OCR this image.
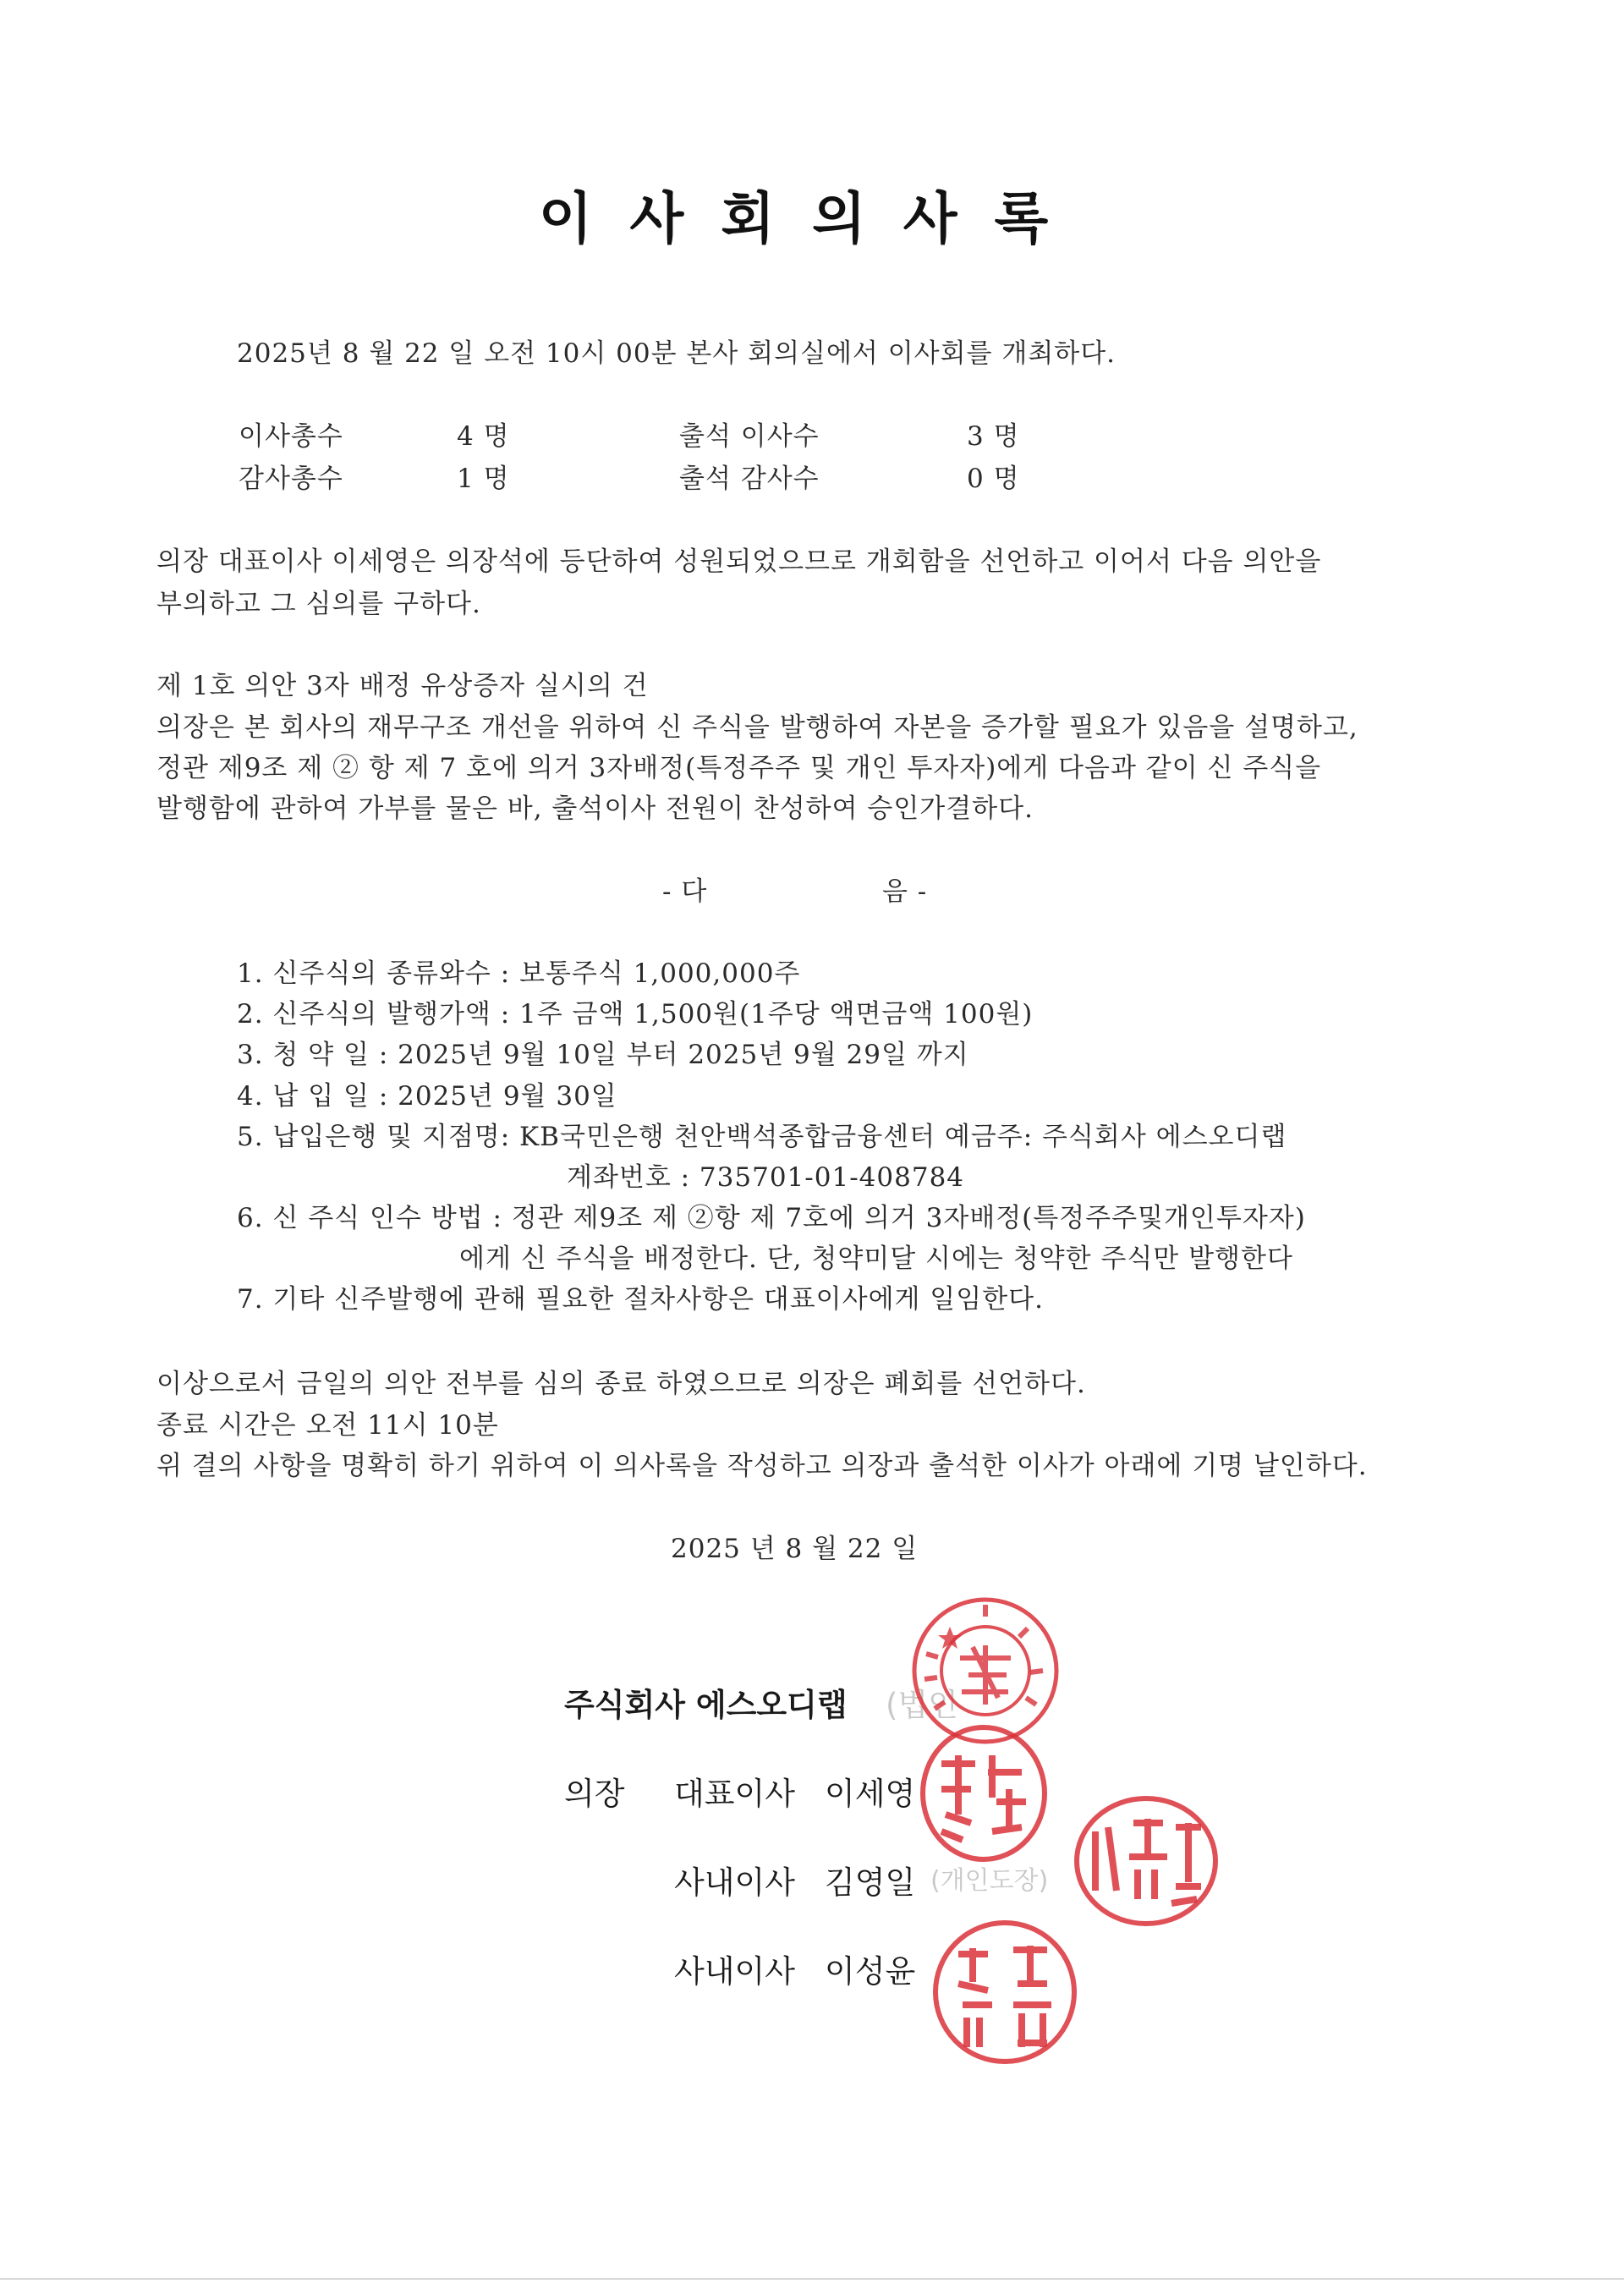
이사회의사록
2025년 8 월 22 일 오전 10시 00분 본사 회의실에서 이사회를 개최하다.
이사총수	4 명	출석 이사수	3 명
감사총수	1 명	출석 감사수	0 명
의장 대표이사 이세영은 의장석에 등단하여 성원되었으므로 개회함을 선언하고 이어서 다음 의안을
부의하고 그 심의를 구하다.
제 1호 의안 3자 배정 유상증자 실시의 건
의장은 본 회사의 재무구조 개선을 위하여 신 주식을 발행하여 자본을 증가할 필요가 있음을 설명하고,
정관 제9조 제 ② 항 제 7 호에 의거 3자배정(특정주주 및 개인 투자자)에게 다음과 같이 신 주식을
발행함에 관하여 가부를 물은 바, 출석이사 전원이 찬성하여 승인가결하다.
- 다	음 -
1. 신주식의 종류와수 : 보통주식 1,000,000주
2. 신주식의 발행가액 : 1주 금액 1,500원(1주당 액면금액 100원)
3. 청 약 일 : 2025년 9월 10일 부터 2025년 9월 29일 까지
4. 납 입 일 : 2025년 9월 30일
5. 납입은행 및 지점명: KB국민은행 천안백석종합금융센터 예금주: 주식회사 에스오디랩
계좌번호 : 735701-01-408784
6. 신 주식 인수 방법 : 정관 제9조 제 ②항 제 7호에 의거 3자배정(특정주주및개인투자자)
에게 신 주식을 배정한다. 단, 청약미달 시에는 청약한 주식만 발행한다
7. 기타 신주발행에 관해 필요한 절차사항은 대표이사에게 일임한다.
이상으로서 금일의 의안 전부를 심의 종료 하였으므로 의장은 폐회를 선언하다.
종료 시간은 오전 11시 10분
위 결의 사항을 명확히 하기 위하여 이 의사록을 작성하고 의장과 출석한 이사가 아래에 기명 날인하다.
2025 년 8 월 22 일
주식회사 에스오디랩 (법인
의장 대표이사 이세영
사내이사 김영일 (개인도장)
사내이사 이성윤
